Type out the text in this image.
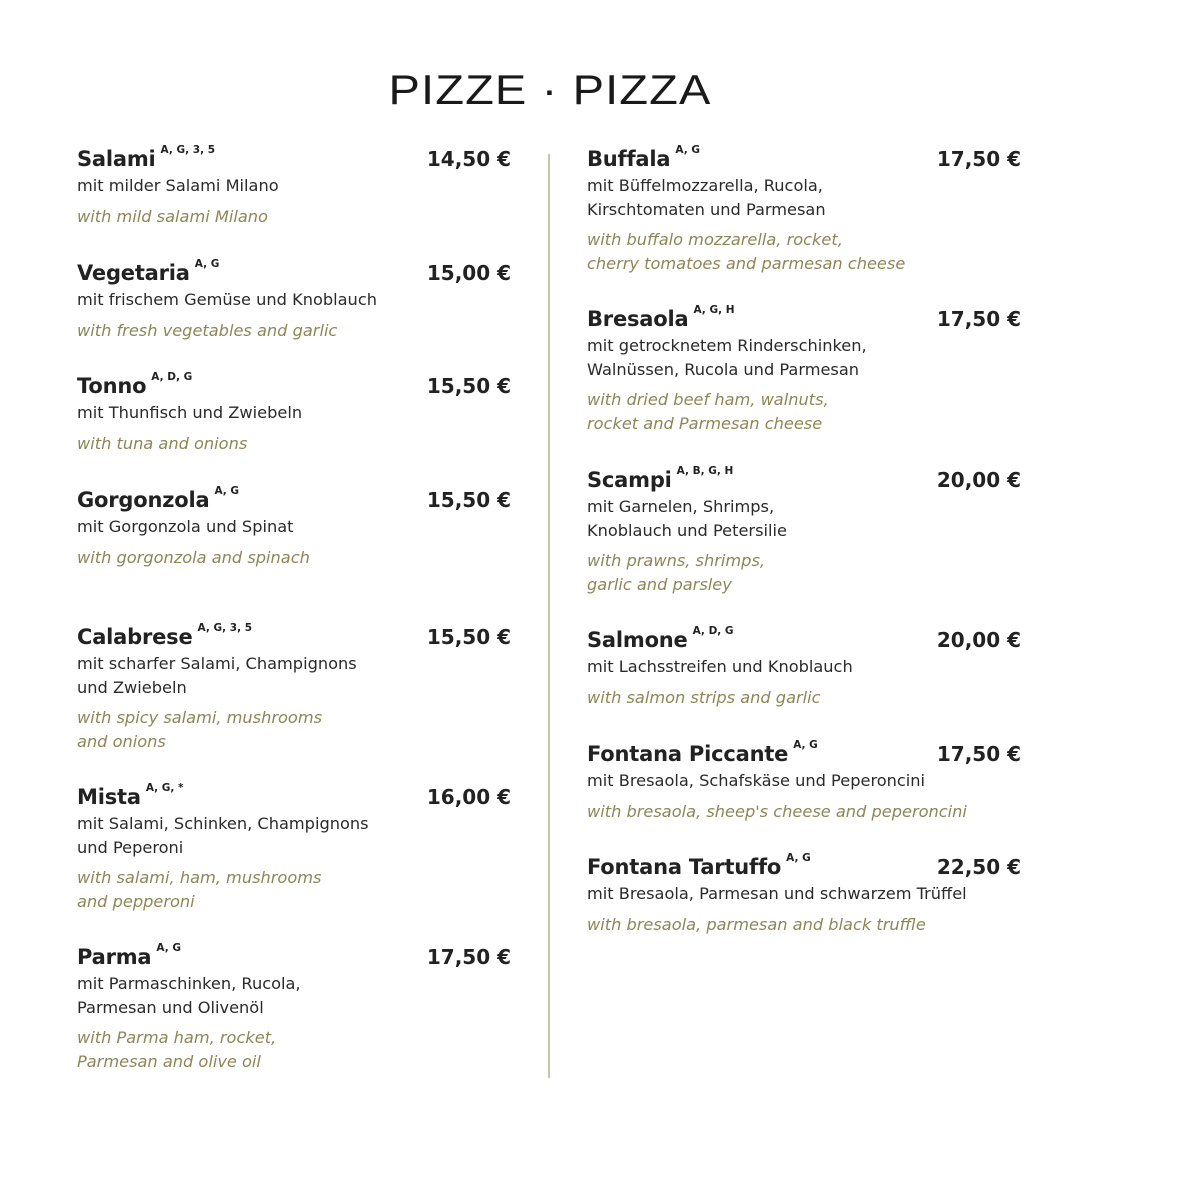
PIZZE · PIZZA
Salami $^{A, G, 3, 5}$	14,50 €
mit milder Salami Milano
with mild salami Milano
Vegetaria $^{A, G}$	15,00 €
mit frischem Gemüse und Knoblauch
with fresh vegetables and garlic
Tonno $^{A, D, G}$	15,50 €
mit Thunfisch und Zwiebeln
with tuna and onions
Gorgonzola $^{A, G}$	15,50 €
mit Gorgonzola und Spinat
with gorgonzola and spinach
Calabrese $^{A, G, 3, 5}$	15,50 €
mit scharfer Salami, Champignons
und Zwiebeln
with spicy salami, mushrooms
and onions
Mista $^{A, G, *}$	16,00 €
mit Salami, Schinken, Champignons
und Peperoni
with salami, ham, mushrooms
and pepperoni
Parma $^{A, G}$	17,50 €
mit Parmaschinken, Rucola,
Parmesan und Olivenöl
with Parma ham, rocket,
Parmesan and olive oil
Buffala $^{A, G}$	17,50 €
mit Büffelmozzarella, Rucola,
Kirschtomaten und Parmesan
with buffalo mozzarella, rocket,
cherry tomatoes and parmesan cheese
Bresaola $^{A, G, H}$	17,50 €
mit getrocknetem Rinderschinken,
Walnüssen, Rucola und Parmesan
with dried beef ham, walnuts,
rocket and Parmesan cheese
Scampi $^{A, B, G, H}$	20,00 €
mit Garnelen, Shrimps,
Knoblauch und Petersilie
with prawns, shrimps,
garlic and parsley
Salmone $^{A, D, G}$	20,00 €
mit Lachsstreifen und Knoblauch
with salmon strips and garlic
Fontana Piccante $^{A, G}$	17,50 €
mit Bresaola, Schafskäse und Peperoncini
with bresaola, sheep's cheese and peperoncini
Fontana Tartuffo $^{A, G}$	22,50 €
mit Bresaola, Parmesan und schwarzem Trüffel
with bresaola, parmesan and black truffle
